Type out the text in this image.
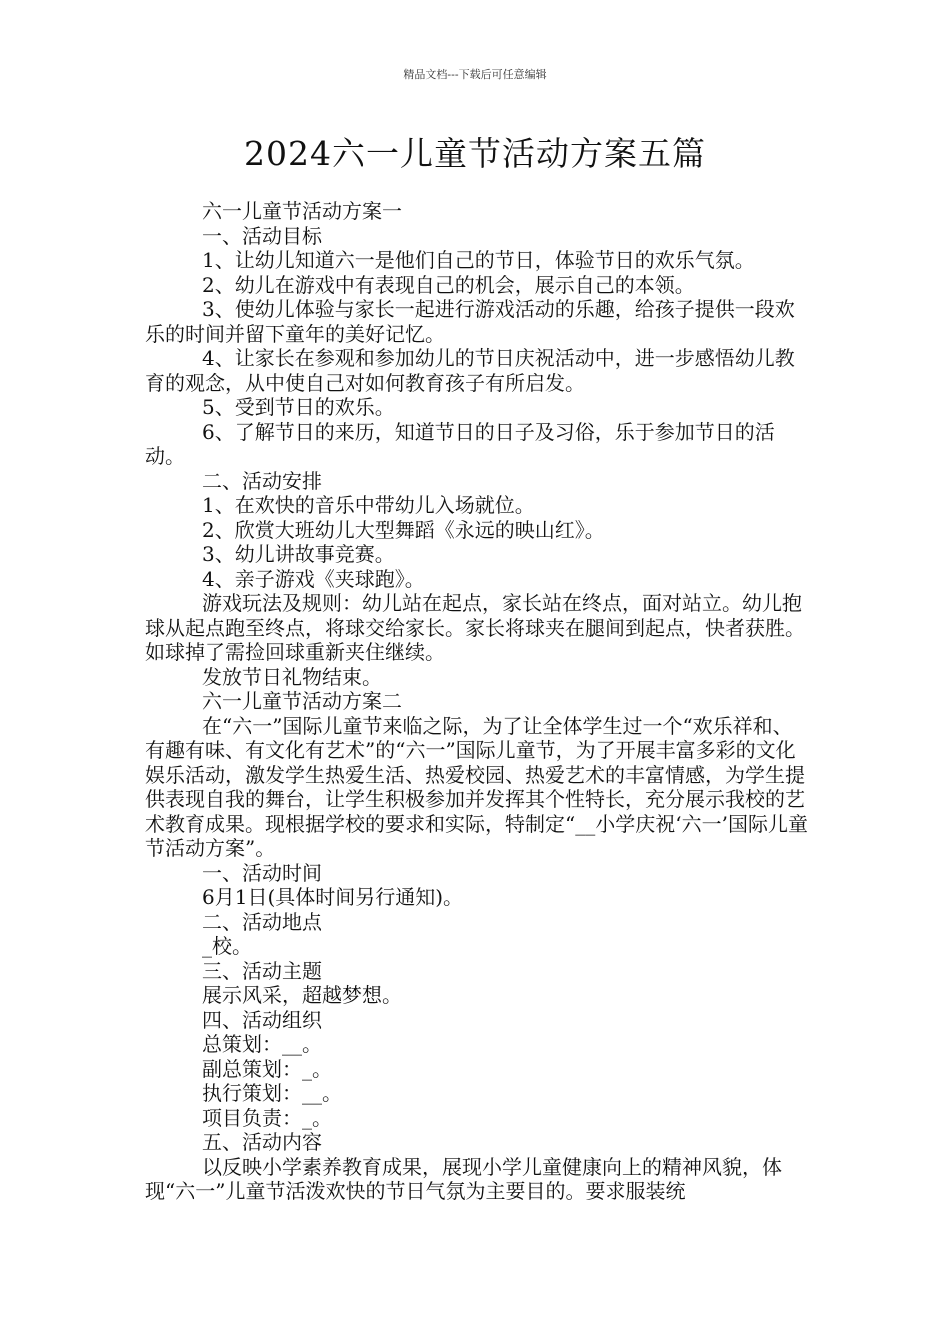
精品文档---下载后可任意编辑
2024六一儿童节活动方案五篇

六一儿童节活动方案一

一、活动目标

1、让幼儿知道六一是他们自己的节日，体验节日的欢乐气氛。

2、幼儿在游戏中有表现自己的机会，展示自己的本领。

3、使幼儿体验与家长一起进行游戏活动的乐趣，给孩子提供一段欢乐的时间并留下童年的美好记忆。

4、让家长在参观和参加幼儿的节日庆祝活动中，进一步感悟幼儿教育的观念，从中使自己对如何教育孩子有所启发。

5、受到节日的欢乐。

6、了解节日的来历，知道节日的日子及习俗，乐于参加节日的活动。

二、活动安排

1、在欢快的音乐中带幼儿入场就位。

2、欣赏大班幼儿大型舞蹈《永远的映山红》。

3、幼儿讲故事竞赛。

4、亲子游戏《夹球跑》。

游戏玩法及规则：幼儿站在起点，家长站在终点，面对站立。幼儿抱球从起点跑至终点，将球交给家长。家长将球夹在腿间到起点，快者获胜。如球掉了需捡回球重新夹住继续。

发放节日礼物结束。

六一儿童节活动方案二

在“六一”国际儿童节来临之际，为了让全体学生过一个“欢乐祥和、有趣有味、有文化有艺术”的“六一”国际儿童节，为了开展丰富多彩的文化娱乐活动，激发学生热爱生活、热爱校园、热爱艺术的丰富情感，为学生提供表现自我的舞台，让学生积极参加并发挥其个性特长，充分展示我校的艺术教育成果。现根据学校的要求和实际，特制定“__小学庆祝‘六一’国际儿童节活动方案”。

一、活动时间

6月1日(具体时间另行通知)。

二、活动地点

_校。

三、活动主题

展示风采，超越梦想。

四、活动组织

总策划：__。

副总策划：_。

执行策划：__。

项目负责：_。

五、活动内容

以反映小学素养教育成果，展现小学儿童健康向上的精神风貌，体现“六一”儿童节活泼欢快的节日气氛为主要目的。要求服装统
